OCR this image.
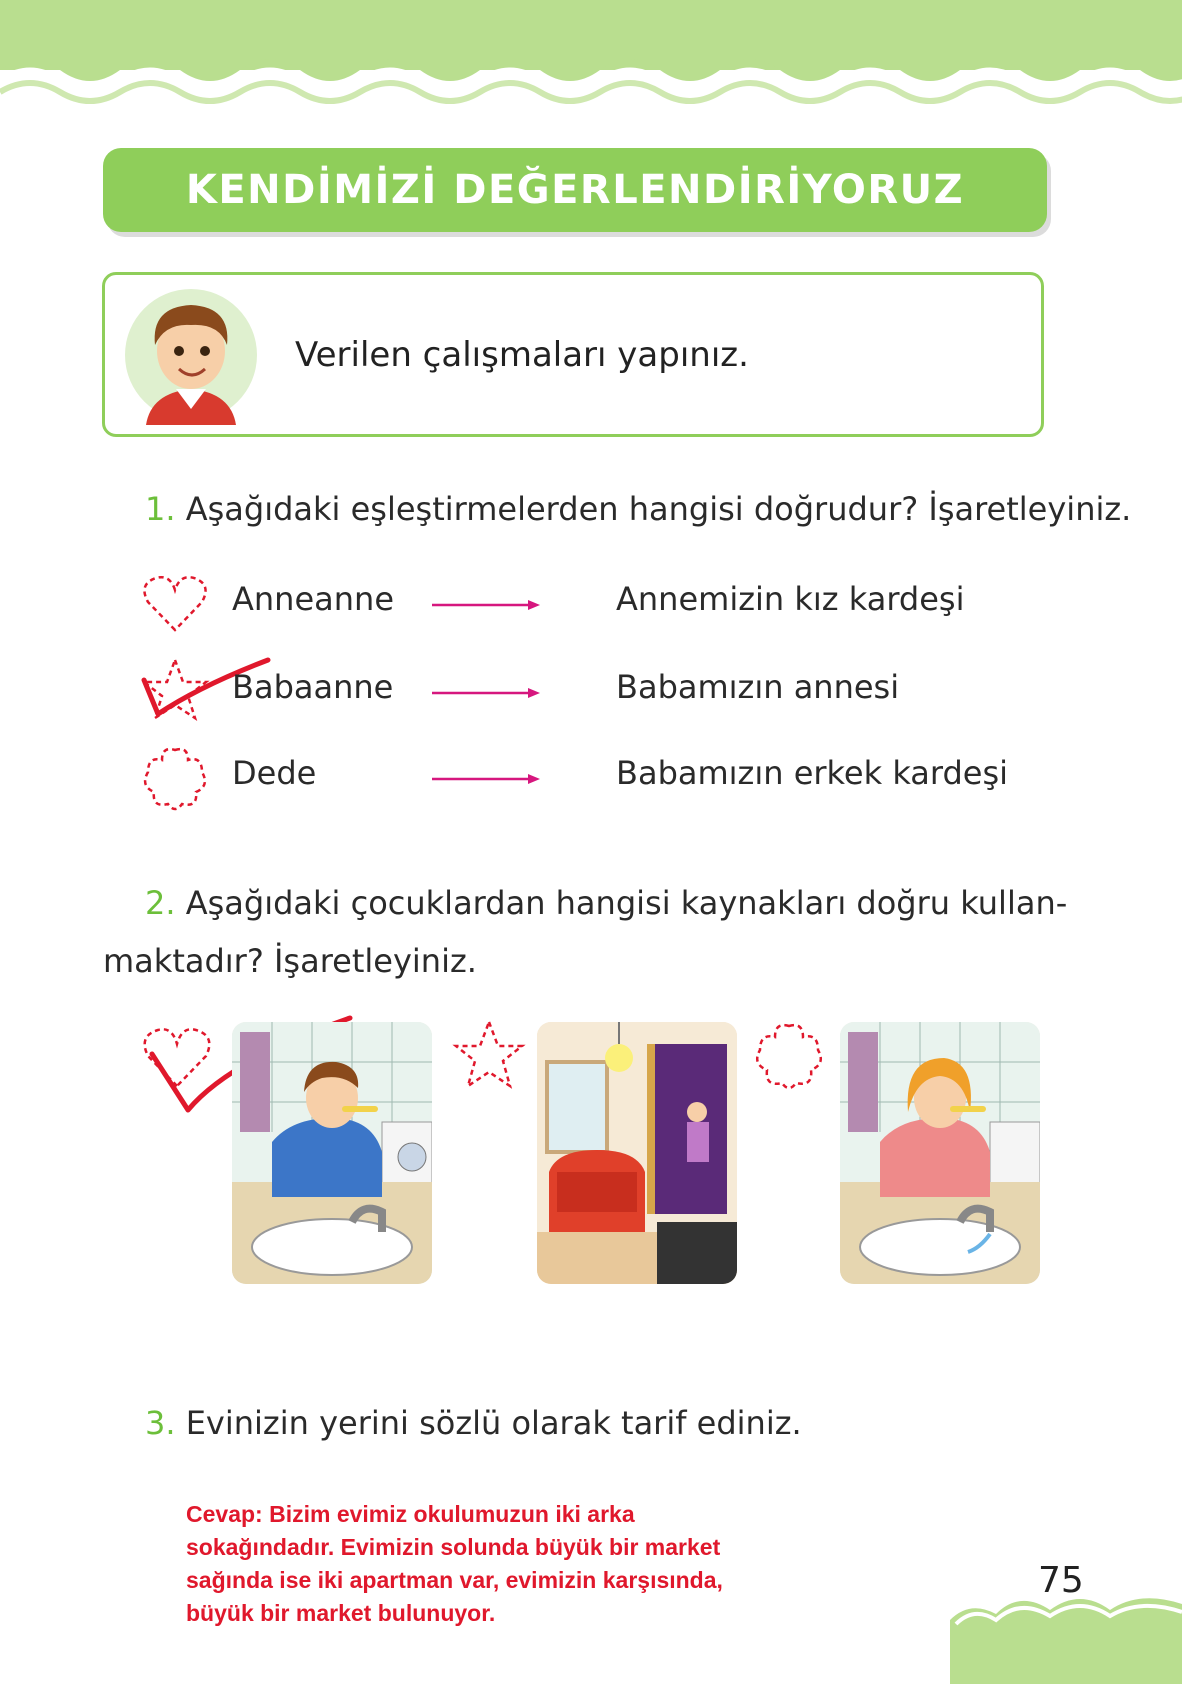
KENDİMİZİ DEĞERLENDİRİYORUZ
Verilen çalışmaları yapınız.
1. Aşağıdaki eşleştirmelerden hangisi doğrudur? İşaretleyiniz.
Anneanne	Annemizin kız kardeşi
Babaanne	Babamızın annesi
Dede	Babamızın erkek kardeşi
2. Aşağıdaki çocuklardan hangisi kaynakları doğru kullan-
maktadır? İşaretleyiniz.
3. Evinizin yerini sözlü olarak tarif ediniz.
Cevap: Bizim evimiz okulumuzun iki arka
sokağındadır. Evimizin solunda büyük bir market
sağında ise iki apartman var, evimizin karşısında,
büyük bir market bulunuyor.
75
